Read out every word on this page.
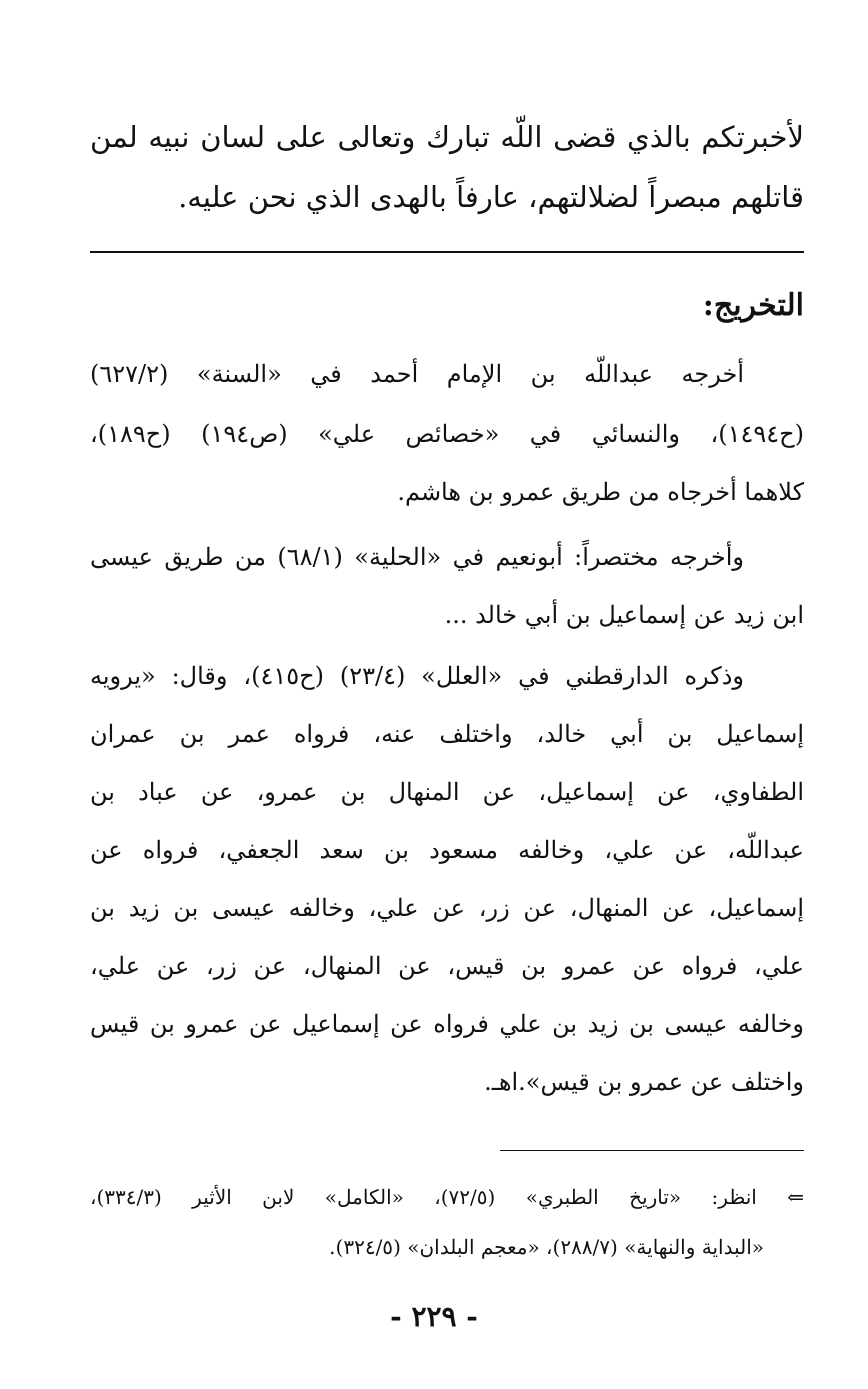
لأخبرتكم بالذي قضى اللّه تبارك وتعالى على لسان نبيه لمن
قاتلهم مبصراً لضلالتهم، عارفاً بالهدى الذي نحن عليه.
التخريج:
أخرجه عبداللّه بن الإمام أحمد في «السنة» (٦٢٧/٢)
(ح١٤٩٤)، والنسائي في «خصائص علي» (ص١٩٤) (ح١٨٩)،
كلاهما أخرجاه من طريق عمرو بن هاشم.
وأخرجه مختصراً: أبونعيم في «الحلية» (٦٨/١) من طريق عيسى
ابن زيد عن إسماعيل بن أبي خالد ...
وذكره الدارقطني في «العلل» (٢٣/٤) (ح٤١٥)، وقال: «يرويه
إسماعيل بن أبي خالد، واختلف عنه، فرواه عمر بن عمران
الطفاوي، عن إسماعيل، عن المنهال بن عمرو، عن عباد بن
عبداللّه، عن علي، وخالفه مسعود بن سعد الجعفي، فرواه عن
إسماعيل، عن المنهال، عن زر، عن علي، وخالفه عيسى بن زيد بن
علي، فرواه عن عمرو بن قيس، عن المنهال، عن زر، عن علي،
وخالفه عيسى بن زيد بن علي فرواه عن إسماعيل عن عمرو بن قيس
واختلف عن عمرو بن قيس».اهـ.
⇐ انظر: «تاريخ الطبري» (٧٢/٥)، «الكامل» لابن الأثير (٣٣٤/٣)،
«البداية والنهاية» (٢٨٨/٧)، «معجم البلدان» (٣٢٤/٥).
- ٢٢٩ -
